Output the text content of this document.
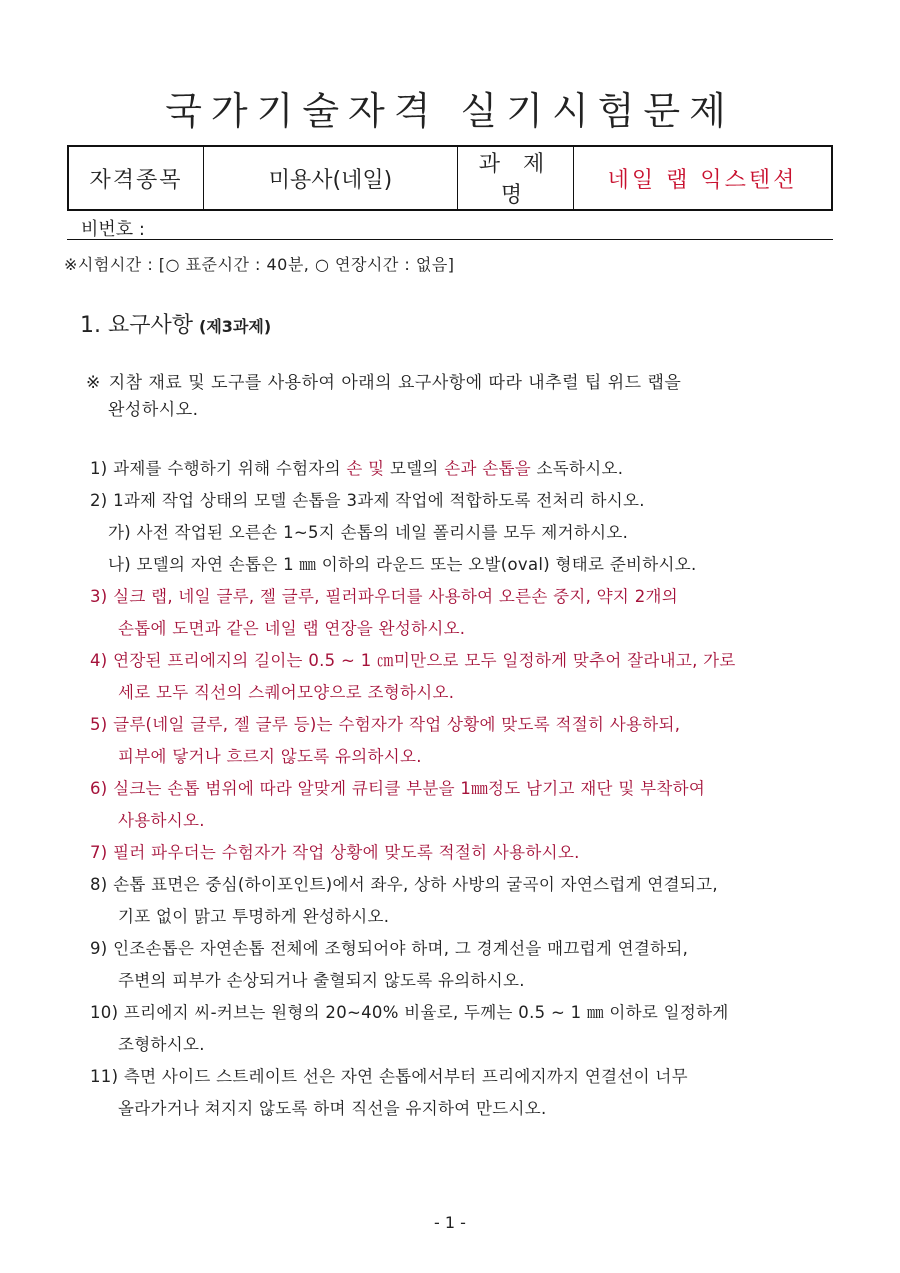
국가기술자격 실기시험문제
자격종목	미용사(네일)	과 제 명	네일 랩 익스텐션
비번호 :
※시험시간 : [○ 표준시간 : 40분, ○ 연장시간 : 없음]
1. 요구사항 (제3과제)
※ 지참 재료 및 도구를 사용하여 아래의 요구사항에 따라 내추럴 팁 위드 랩을
완성하시오.
1) 과제를 수행하기 위해 수험자의 손 및 모델의 손과 손톱을 소독하시오.
2) 1과제 작업 상태의 모델 손톱을 3과제 작업에 적합하도록 전처리 하시오.
가) 사전 작업된 오른손 1~5지 손톱의 네일 폴리시를 모두 제거하시오.
나) 모델의 자연 손톱은 1 ㎜ 이하의 라운드 또는 오발(oval) 형태로 준비하시오.
3) 실크 랩, 네일 글루, 젤 글루, 필러파우더를 사용하여 오른손 중지, 약지 2개의
손톱에 도면과 같은 네일 랩 연장을 완성하시오.
4) 연장된 프리에지의 길이는 0.5 ~ 1 ㎝미만으로 모두 일정하게 맞추어 잘라내고, 가로
세로 모두 직선의 스퀘어모양으로 조형하시오.
5) 글루(네일 글루, 젤 글루 등)는 수험자가 작업 상황에 맞도록 적절히 사용하되,
피부에 닿거나 흐르지 않도록 유의하시오.
6) 실크는 손톱 범위에 따라 알맞게 큐티클 부분을 1㎜정도 남기고 재단 및 부착하여
사용하시오.
7) 필러 파우더는 수험자가 작업 상황에 맞도록 적절히 사용하시오.
8) 손톱 표면은 중심(하이포인트)에서 좌우, 상하 사방의 굴곡이 자연스럽게 연결되고,
기포 없이 맑고 투명하게 완성하시오.
9) 인조손톱은 자연손톱 전체에 조형되어야 하며, 그 경계선을 매끄럽게 연결하되,
주변의 피부가 손상되거나 출혈되지 않도록 유의하시오.
10) 프리에지 씨-커브는 원형의 20~40% 비율로, 두께는 0.5 ~ 1 ㎜ 이하로 일정하게
조형하시오.
11) 측면 사이드 스트레이트 선은 자연 손톱에서부터 프리에지까지 연결선이 너무
올라가거나 쳐지지 않도록 하며 직선을 유지하여 만드시오.
- 1 -
